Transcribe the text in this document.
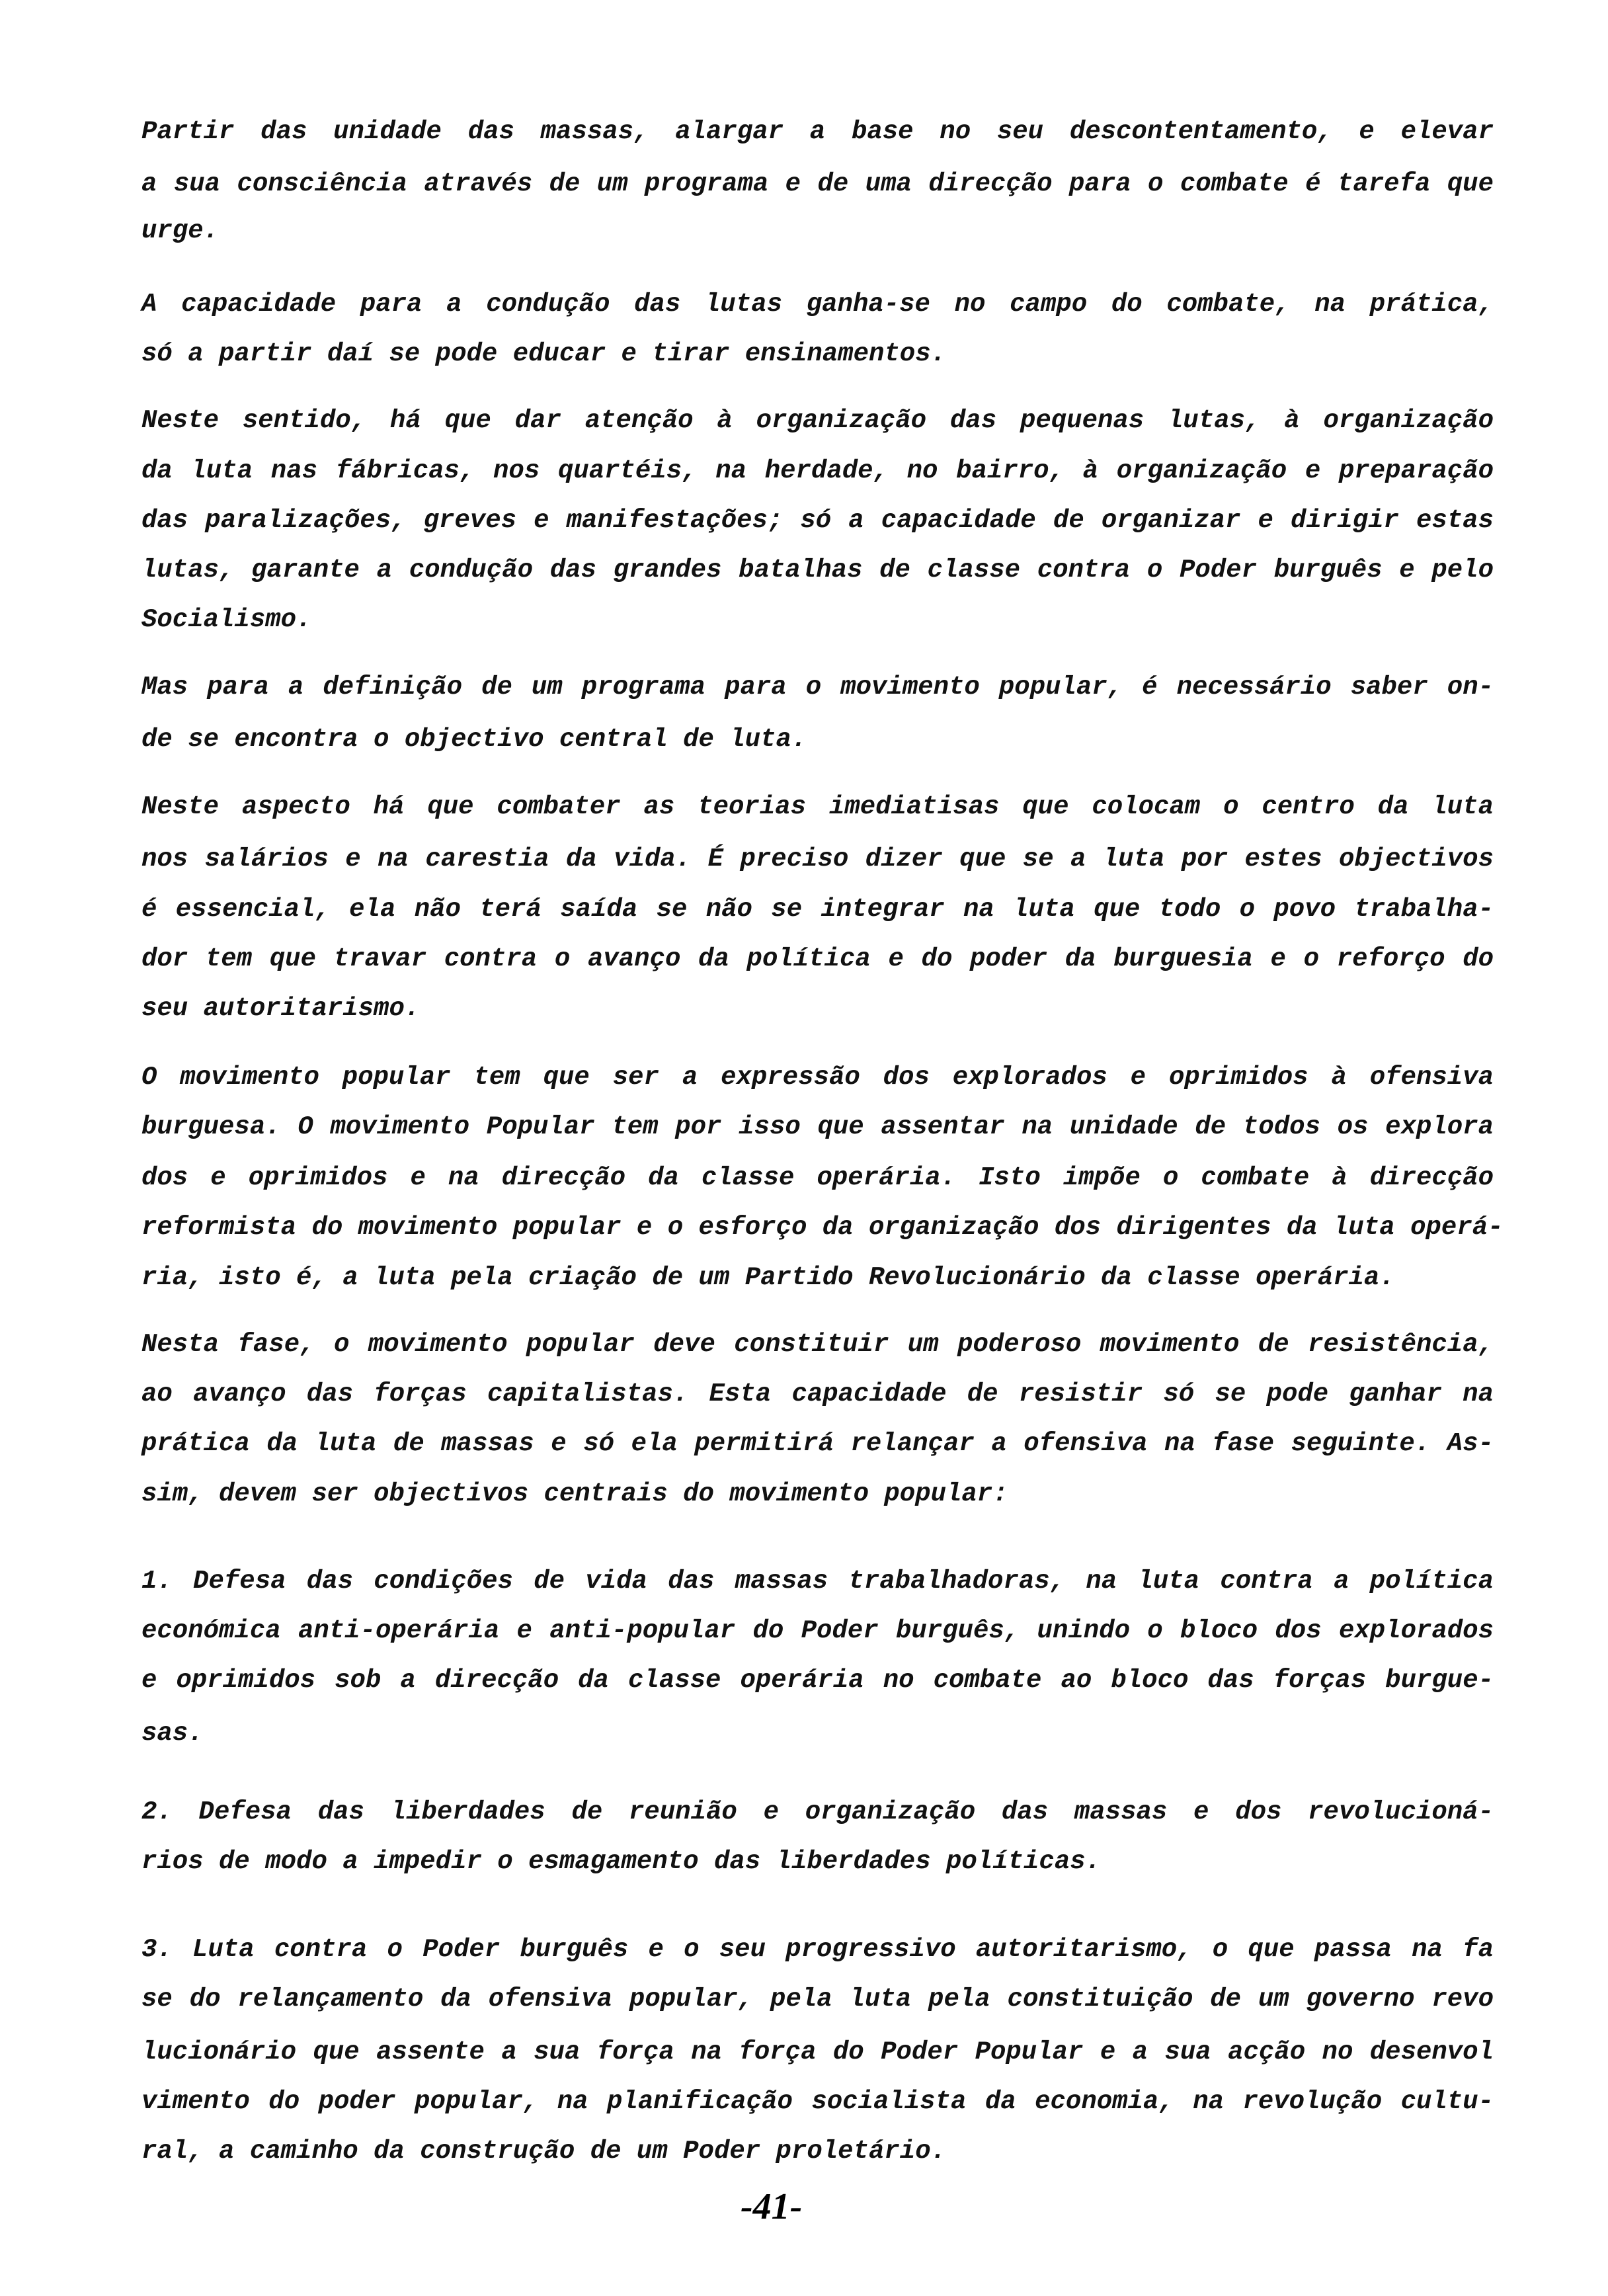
Partir das unidade das massas, alargar a base no seu descontentamento, e elevar
a sua consciência através de um programa e de uma direcção para o combate é tarefa que
urge.
A capacidade para a condução das lutas ganha-se no campo do combate, na prática,
só a partir daí se pode educar e tirar ensinamentos.
Neste sentido, há que dar atenção à organização das pequenas lutas, à organização
da luta nas fábricas, nos quartéis, na herdade, no bairro, à organização e preparação
das paralizações, greves e manifestações; só a capacidade de organizar e dirigir estas
lutas, garante a condução das grandes batalhas de classe contra o Poder burguês e pelo
Socialismo.
Mas para a definição de um programa para o movimento popular, é necessário saber on-
de se encontra o objectivo central de luta.
Neste aspecto há que combater as teorias imediatisas que colocam o centro da luta
nos salários e na carestia da vida. É preciso dizer que se a luta por estes objectivos
é essencial, ela não terá saída se não se integrar na luta que todo o povo trabalha-
dor tem que travar contra o avanço da política e do poder da burguesia e o reforço do
seu autoritarismo.
O movimento popular tem que ser a expressão dos explorados e oprimidos à ofensiva
burguesa. O movimento Popular tem por isso que assentar na unidade de todos os explora
dos e oprimidos e na direcção da classe operária. Isto impõe o combate à direcção
reformista do movimento popular e o esforço da organização dos dirigentes da luta operá-
ria, isto é, a luta pela criação de um Partido Revolucionário da classe operária.
Nesta fase, o movimento popular deve constituir um poderoso movimento de resistência,
ao avanço das forças capitalistas. Esta capacidade de resistir só se pode ganhar na
prática da luta de massas e só ela permitirá relançar a ofensiva na fase seguinte. As-
sim, devem ser objectivos centrais do movimento popular:
1. Defesa das condições de vida das massas trabalhadoras, na luta contra a política
económica anti-operária e anti-popular do Poder burguês, unindo o bloco dos explorados
e oprimidos sob a direcção da classe operária no combate ao bloco das forças burgue-
sas.
2. Defesa das liberdades de reunião e organização das massas e dos revolucioná-
rios de modo a impedir o esmagamento das liberdades políticas.
3. Luta contra o Poder burguês e o seu progressivo autoritarismo, o que passa na fa
se do relançamento da ofensiva popular, pela luta pela constituição de um governo revo
lucionário que assente a sua força na força do Poder Popular e a sua acção no desenvol
vimento do poder popular, na planificação socialista da economia, na revolução cultu-
ral, a caminho da construção de um Poder proletário.
-41-
